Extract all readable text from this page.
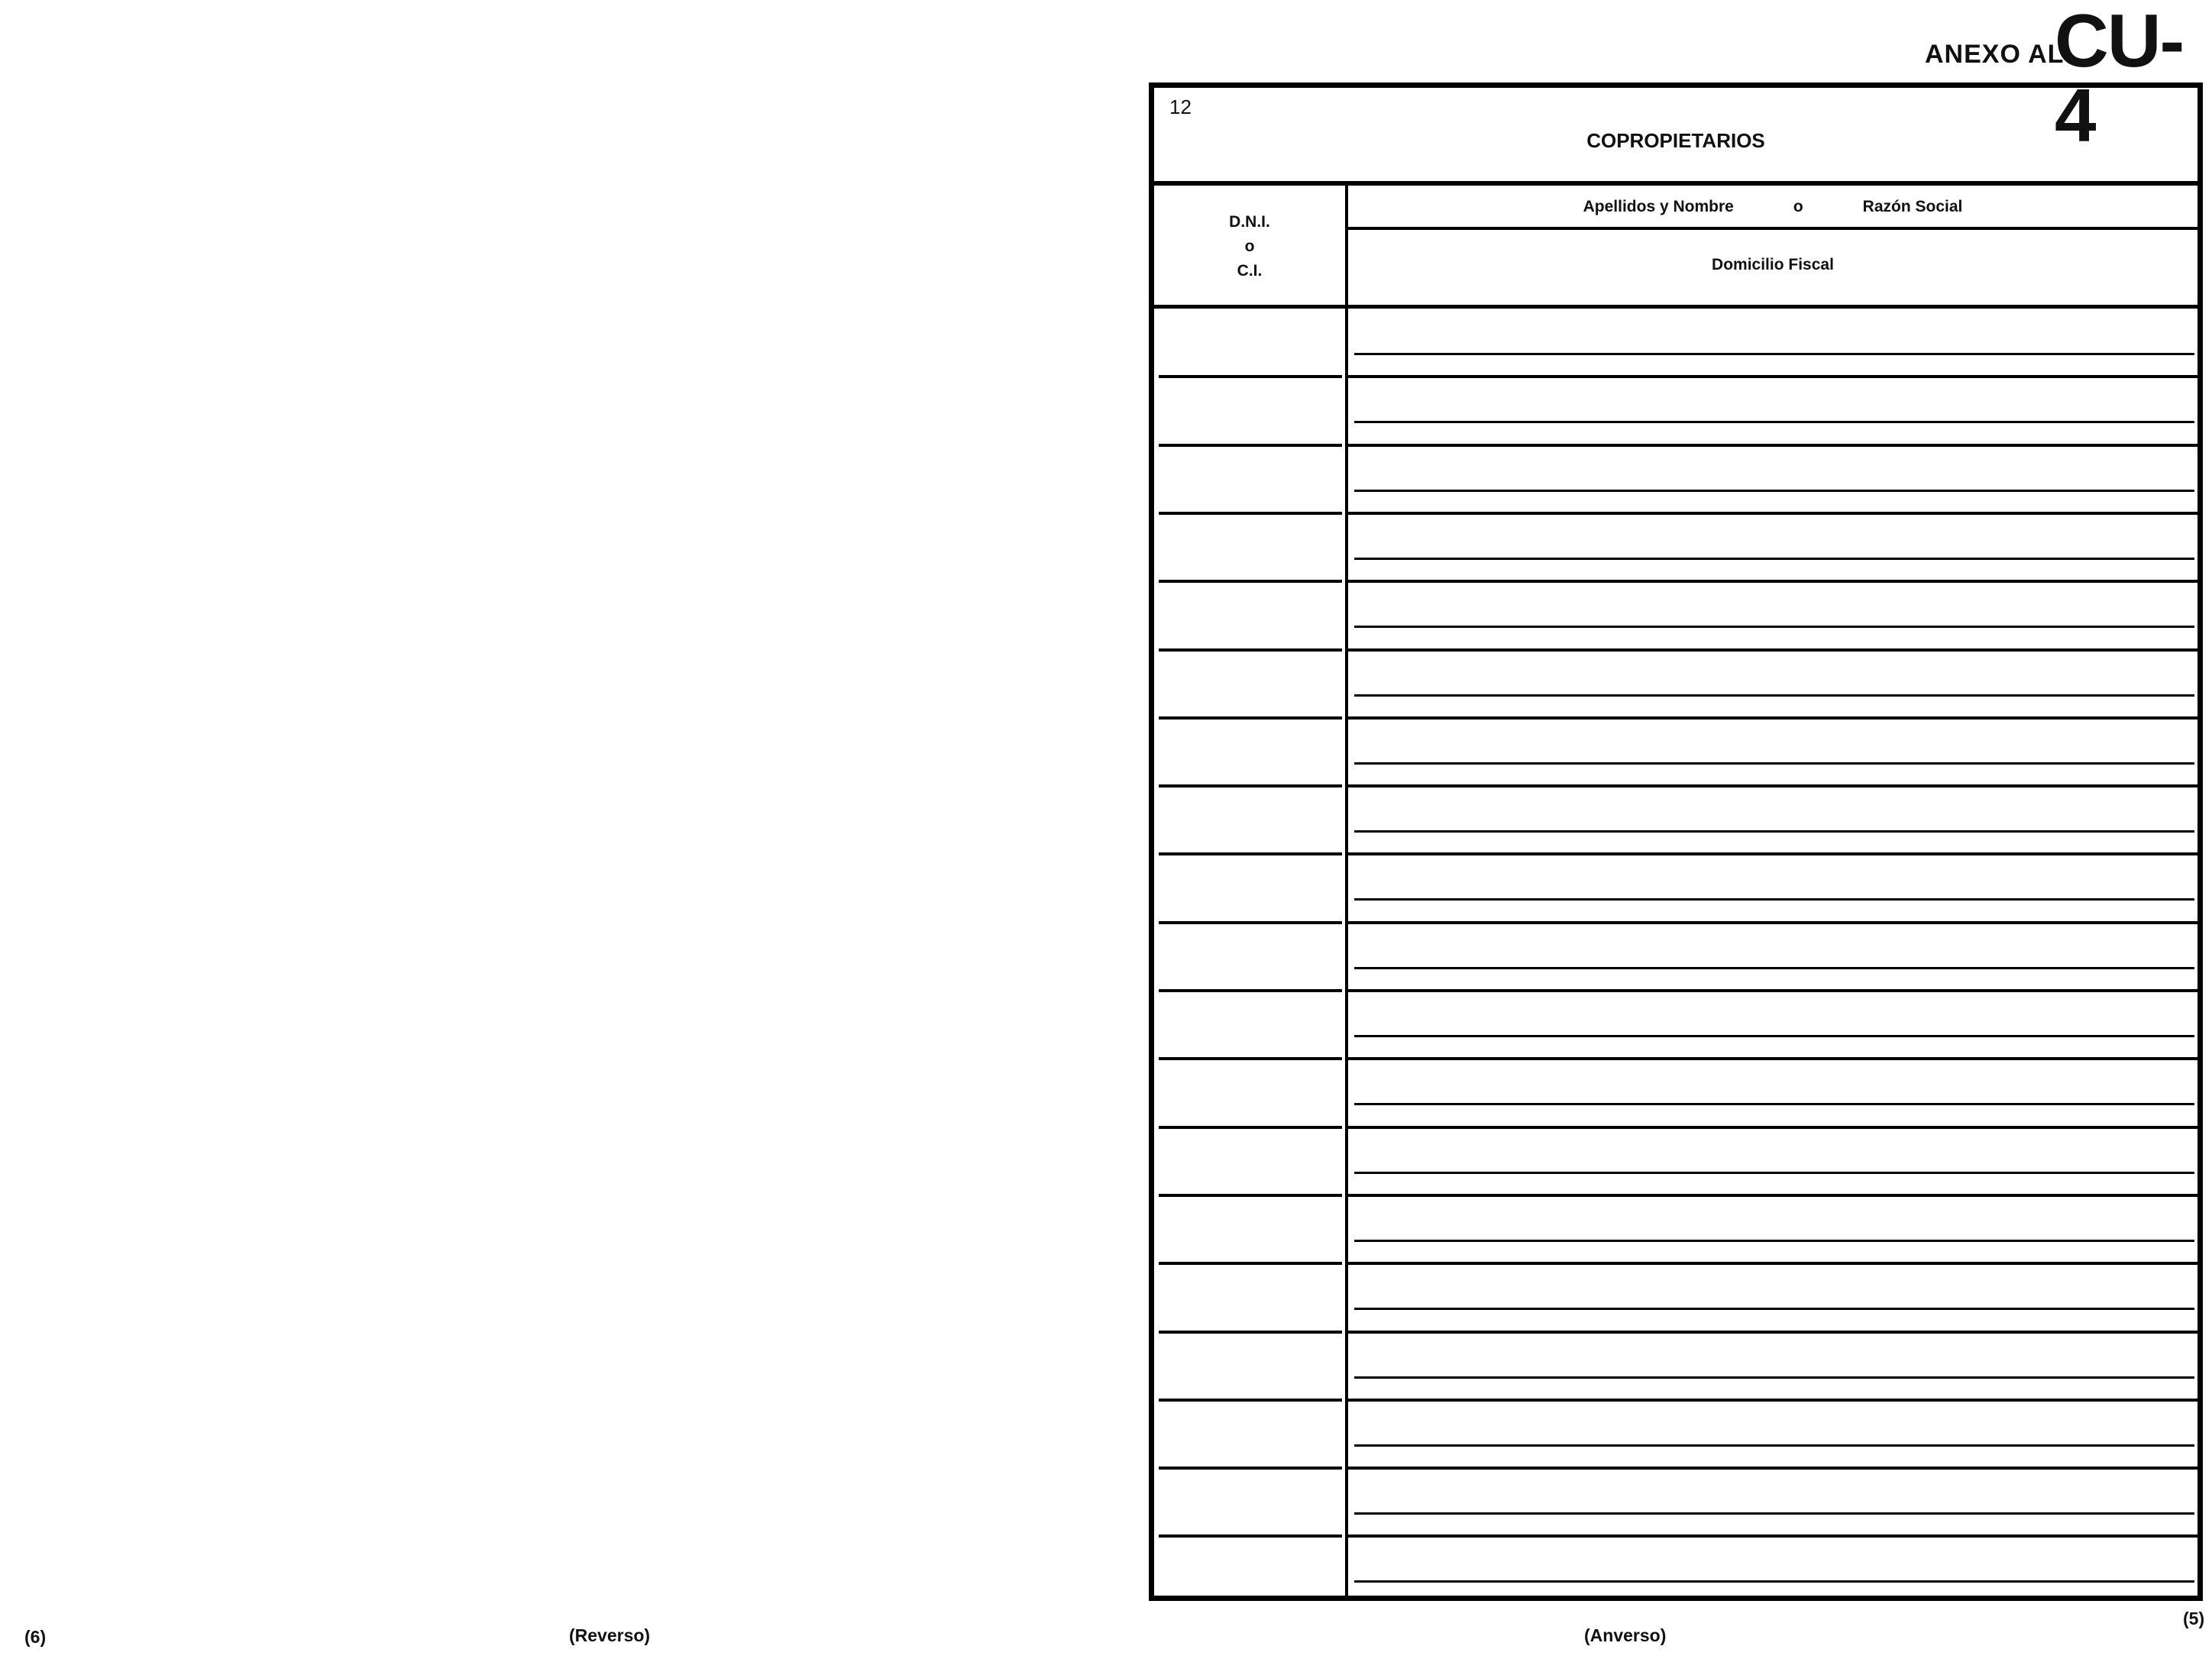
ANEXO AL
CU-4
12
COPROPIETARIOS
D.N.I.
o
C.I.
Apellidos y Nombre	o	Razón Social
Domicilio Fiscal
(6)	(Reverso)	(Anverso)
(5)
